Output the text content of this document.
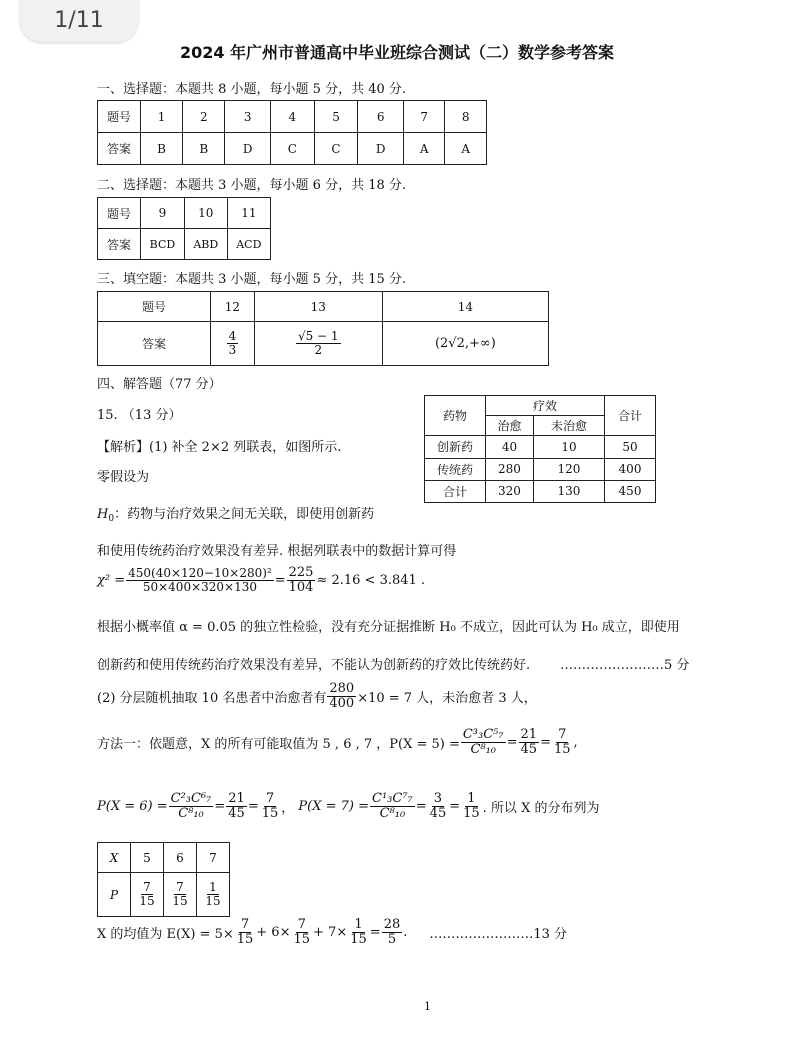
1/11
2024 年广州市普通高中毕业班综合测试（二）数学参考答案
一、选择题：本题共 8 小题，每小题 5 分，共 40 分.
题号	1	2	3	4	5	6	7	8
答案	B	B	D	C	C	D	A	A
二、选择题：本题共 3 小题，每小题 6 分，共 18 分.
题号	9	10	11
答案	BCD	ABD	ACD
三、填空题：本题共 3 小题，每小题 5 分，共 15 分.
题号	12	13	14
答案	$\frac{4}{3}$	$\frac{√5 - 1}{2}$	(2√2,+∞)
四、解答题（77 分）
15. （13 分）
【解析】(1) 补全 2×2 列联表，如图所示.
零假设为
$H_0$：药物与治疗效果之间无关联，即使用创新药
药物	疗效		合计
	治愈	未治愈	
创新药	40	10	50
传统药	280	120	400
合计	320	130	450
和使用传统药治疗效果没有差异. 根据列联表中的数据计算可得
$\chi^2 = \frac{\text{450(40×120−10×280)²}}{50\times 400\times 320\times 130} = \frac{225}{104} \approx 2.16 < 3.841$ .
根据小概率值 α = 0.05 的独立性检验，没有充分证据推断 H₀ 不成立，因此可认为 H₀ 成立，即使用
创新药和使用传统药治疗效果没有差异，不能认为创新药的疗效比传统药好. ……………………5 分
(2) 分层随机抽取 10 名患者中治愈者有 $\frac{280}{400} \times 10 = 7$ 人，未治愈者 3 人，
方法一：依题意，X 的所有可能取值为 5 , 6 , 7 ，$P(X = 5) = \frac{\text{C³₃C⁵₇}}{\text{C⁸₁₀}} = \frac{21}{45} = \frac{7}{15}$ ,
$P(X = 6) = \frac{\text{C²₃C⁶₇}}{\text{C⁸₁₀}} = \frac{21}{45} = \frac{7}{15}$ ， $P(X = 7) = \frac{\text{C¹₃C⁷₇}}{\text{C⁸₁₀}} = \frac{3}{45} = \frac{1}{15}$ . 所以 X 的分布列为
X	5	6	7
P	$\frac{7}{15}$	$\frac{7}{15}$	$\frac{1}{15}$
X 的均值为 $E(X) = 5\times \frac{7}{15} + 6\times \frac{7}{15} + 7\times \frac{1}{15} = \frac{28}{5}$ . ……………………13 分
1
